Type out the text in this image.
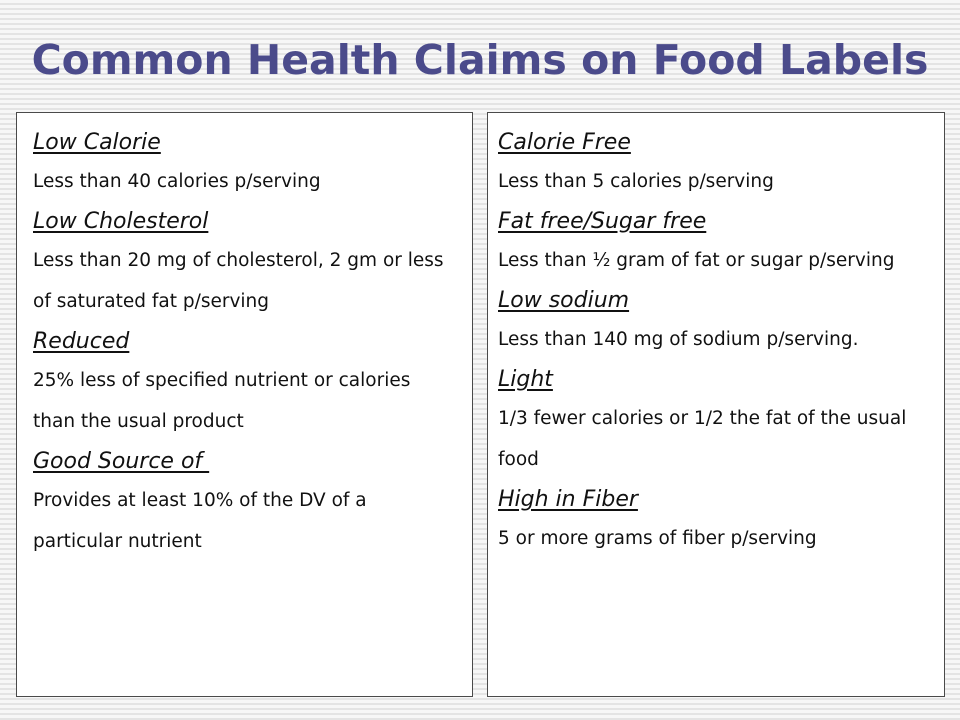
Common Health Claims on Food Labels
Low Calorie
Less than 40 calories p/serving
Low Cholesterol
Less than 20 mg of cholesterol, 2 gm or less of saturated fat p/serving
Reduced
25% less of specified nutrient or calories than the usual product
Good Source of
Provides at least 10% of the DV of a particular nutrient
Calorie Free
Less than 5 calories p/serving
Fat free/Sugar free
Less than ½ gram of fat or sugar p/serving
Low sodium
Less than 140 mg of sodium p/serving.
Light
1/3 fewer calories or 1/2 the fat of the usual food
High in Fiber
5 or more grams of fiber p/serving
